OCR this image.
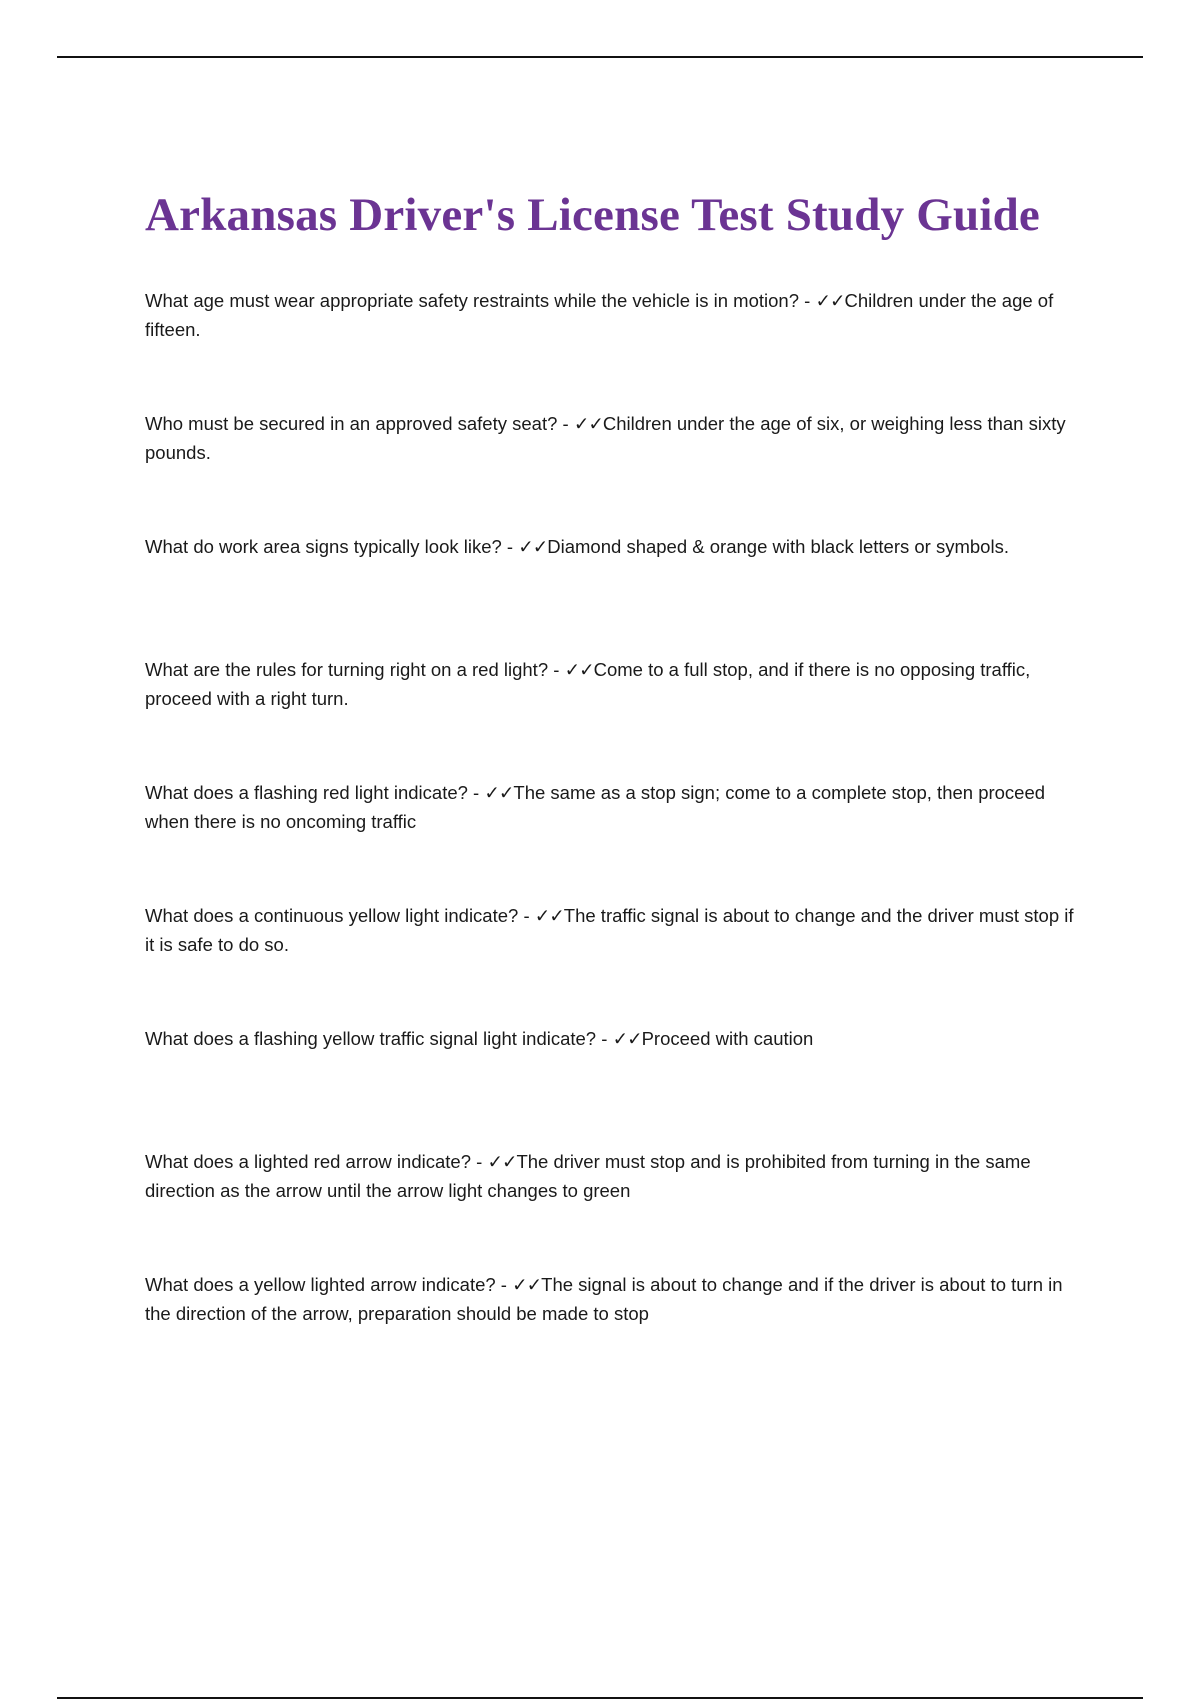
Arkansas Driver's License Test Study Guide
What age must wear appropriate safety restraints while the vehicle is in motion? - ✓✓Children under the age of fifteen.
Who must be secured in an approved safety seat? - ✓✓Children under the age of six, or weighing less than sixty pounds.
What do work area signs typically look like? - ✓✓Diamond shaped & orange with black letters or symbols.
What are the rules for turning right on a red light? - ✓✓Come to a full stop, and if there is no opposing traffic, proceed with a right turn.
What does a flashing red light indicate? - ✓✓The same as a stop sign; come to a complete stop, then proceed when there is no oncoming traffic
What does a continuous yellow light indicate? - ✓✓The traffic signal is about to change and the driver must stop if it is safe to do so.
What does a flashing yellow traffic signal light indicate? - ✓✓Proceed with caution
What does a lighted red arrow indicate? - ✓✓The driver must stop and is prohibited from turning in the same direction as the arrow until the arrow light changes to green
What does a yellow lighted arrow indicate? - ✓✓The signal is about to change and if the driver is about to turn in the direction of the arrow, preparation should be made to stop
